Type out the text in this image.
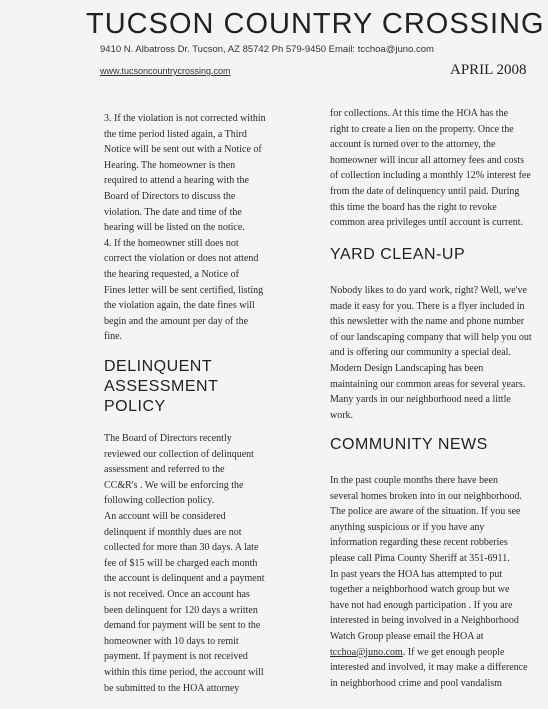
TUCSON COUNTRY CROSSING
9410 N. Albatross Dr. Tucson, AZ 85742 Ph 579-9450 Email: tcchoa@juno.com
www.tucsoncountrycrossing.com	APRIL 2008
3. If the violation is not corrected within
the time period listed again, a Third
Notice will be sent out with a Notice of
Hearing. The homeowner is then
required to attend a hearing with the
Board of Directors to discuss the
violation. The date and time of the
hearing will be listed on the notice.
4. If the homeowner still does not
correct the violation or does not attend
the hearing requested, a Notice of
Fines letter will be sent certified, listing
the violation again, the date fines will
begin and the amount per day of the
fine.
DELINQUENT
ASSESSMENT
POLICY
The Board of Directors recently
reviewed our collection of delinquent
assessment and referred to the
CC&R's . We will be enforcing the
following collection policy.
An account will be considered
delinquent if monthly dues are not
collected for more than 30 days. A late
fee of $15 will be charged each month
the account is delinquent and a payment
is not received. Once an account has
been delinquent for 120 days a written
demand for payment will be sent to the
homeowner with 10 days to remit
payment. If payment is not received
within this time period, the account will
be submitted to the HOA attorney
for collections. At this time the HOA has the
right to create a lien on the property. Once the
account is turned over to the attorney, the
homeowner will incur all attorney fees and costs
of collection including a monthly 12% interest fee
from the date of delinquency until paid. During
this time the board has the right to revoke
common area privileges until account is current.
YARD CLEAN-UP
Nobody likes to do yard work, right? Well, we've
made it easy for you. There is a flyer included in
this newsletter with the name and phone number
of our landscaping company that will help you out
and is offering our community a special deal.
Modern Design Landscaping has been
maintaining our common areas for several years.
Many yards in our neighborhood need a little
work.
COMMUNITY NEWS
In the past couple months there have been
several homes broken into in our neighborhood.
The police are aware of the situation. If you see
anything suspicious or if you have any
information regarding these recent robberies
please call Pima County Sheriff at 351-6911.
In past years the HOA has attempted to put
together a neighborhood watch group but we
have not had enough participation . If you are
interested in being involved in a Neighborhood
Watch Group please email the HOA at
tcchoa@juno.com. If we get enough people
interested and involved, it may make a difference
in neighborhood crime and pool vandalism
